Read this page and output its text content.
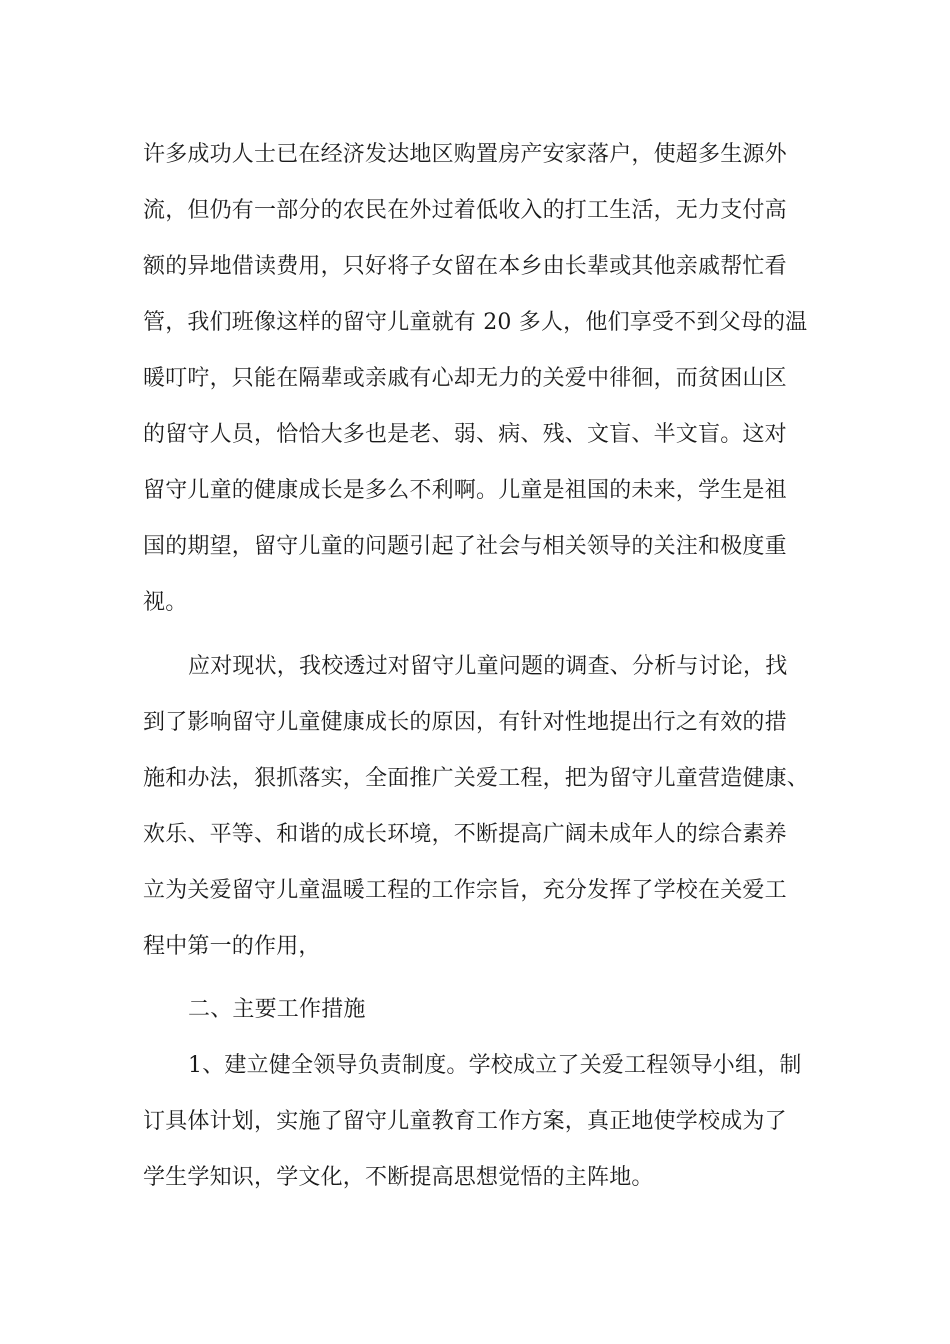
许多成功人士已在经济发达地区购置房产安家落户，使超多生源外
流，但仍有一部分的农民在外过着低收入的打工生活，无力支付高
额的异地借读费用，只好将子女留在本乡由长辈或其他亲戚帮忙看
管，我们班像这样的留守儿童就有 20 多人，他们享受不到父母的温
暖叮咛，只能在隔辈或亲戚有心却无力的关爱中徘徊，而贫困山区
的留守人员，恰恰大多也是老、弱、病、残、文盲、半文盲。这对
留守儿童的健康成长是多么不利啊。儿童是祖国的未来，学生是祖
国的期望，留守儿童的问题引起了社会与相关领导的关注和极度重
视。
应对现状，我校透过对留守儿童问题的调查、分析与讨论，找
到了影响留守儿童健康成长的原因，有针对性地提出行之有效的措
施和办法，狠抓落实，全面推广关爱工程，把为留守儿童营造健康、
欢乐、平等、和谐的成长环境，不断提高广阔未成年人的综合素养
立为关爱留守儿童温暖工程的工作宗旨，充分发挥了学校在关爱工
程中第一的作用，
二、主要工作措施
1、建立健全领导负责制度。学校成立了关爱工程领导小组，制
订具体计划，实施了留守儿童教育工作方案，真正地使学校成为了
学生学知识，学文化，不断提高思想觉悟的主阵地。
